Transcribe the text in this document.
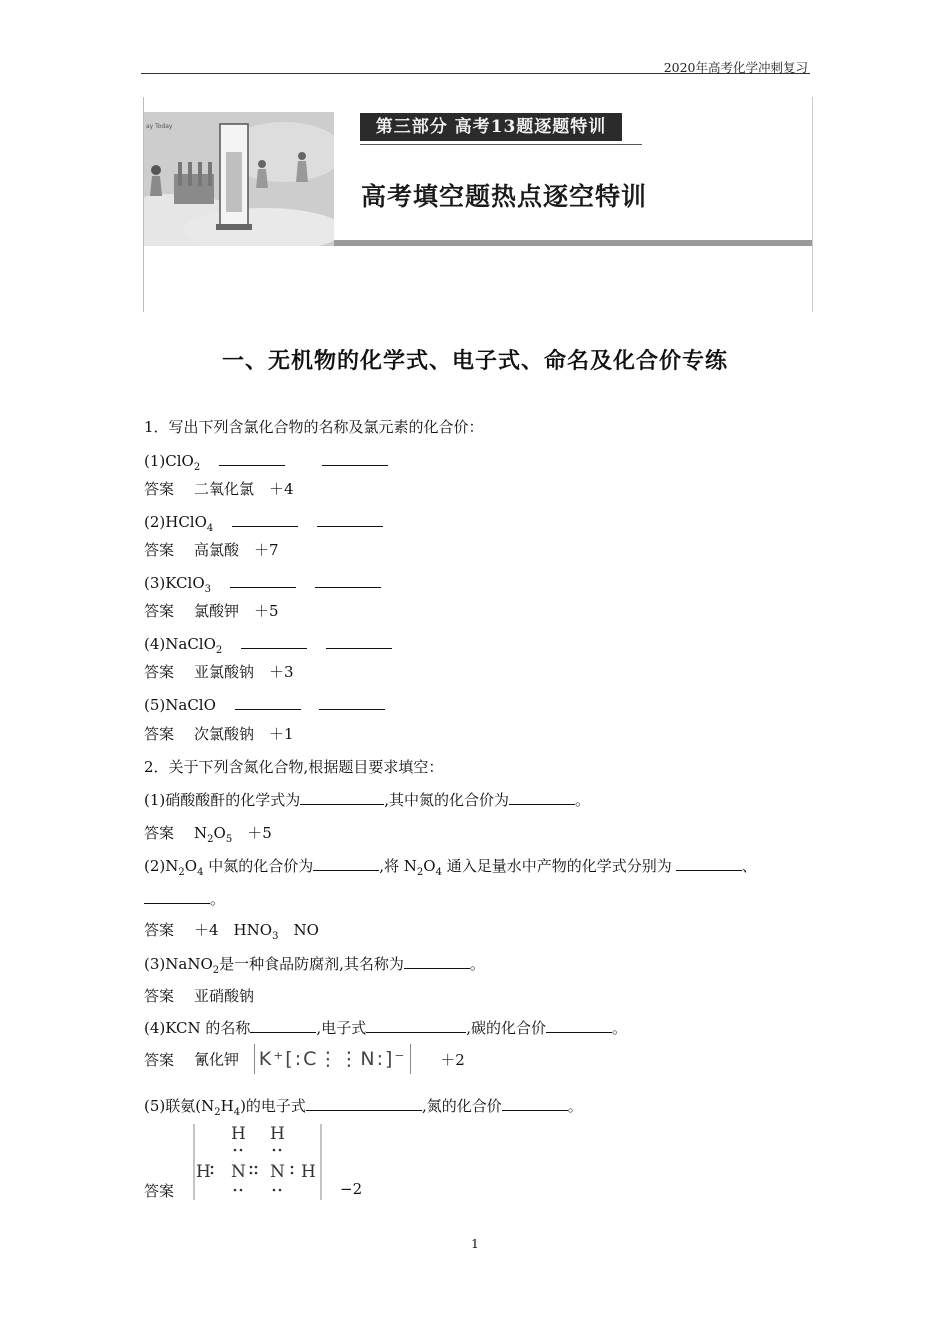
2020年高考化学冲刺复习
ay Today	第三部分 高考13题逐题特训
高考填空题热点逐空特训
一、无机物的化学式、电子式、命名及化合价专练
1．写出下列含氯化合物的名称及氯元素的化合价：
(1)ClO$_2$
答案 二氧化氯　＋4
(2)HClO$_4$
答案 高氯酸　＋7
(3)KClO$_3$
答案 氯酸钾　＋5
(4)NaClO$_2$
答案 亚氯酸钠　＋3
(5)NaClO
答案 次氯酸钠　＋1
2．关于下列含氮化合物,根据题目要求填空：
(1)硝酸酸酐的化学式为	,其中氮的化合价为	。
答案 $N_2O_5$　 ＋5
$(2)N_2O_4$ 中氮的化合价为	,将 $N_2O_4$ 通入足量水中产物的化学式分别为	、
。
答案 ＋4　$HNO_3$　NO
(3)NaNO$_2$是一种食品防腐剂,其名称为	。
答案 亚硝酸钠
(4)KCN 的名称	,电子式	,碳的化合价	。
答案 氰化钾 K⁺[:C⋮⋮N:]⁻ ＋2
(5)联氨$(N_2H_4)$的电子式	,氮的化合价	。
答案
H H
H N N H
−2
1
